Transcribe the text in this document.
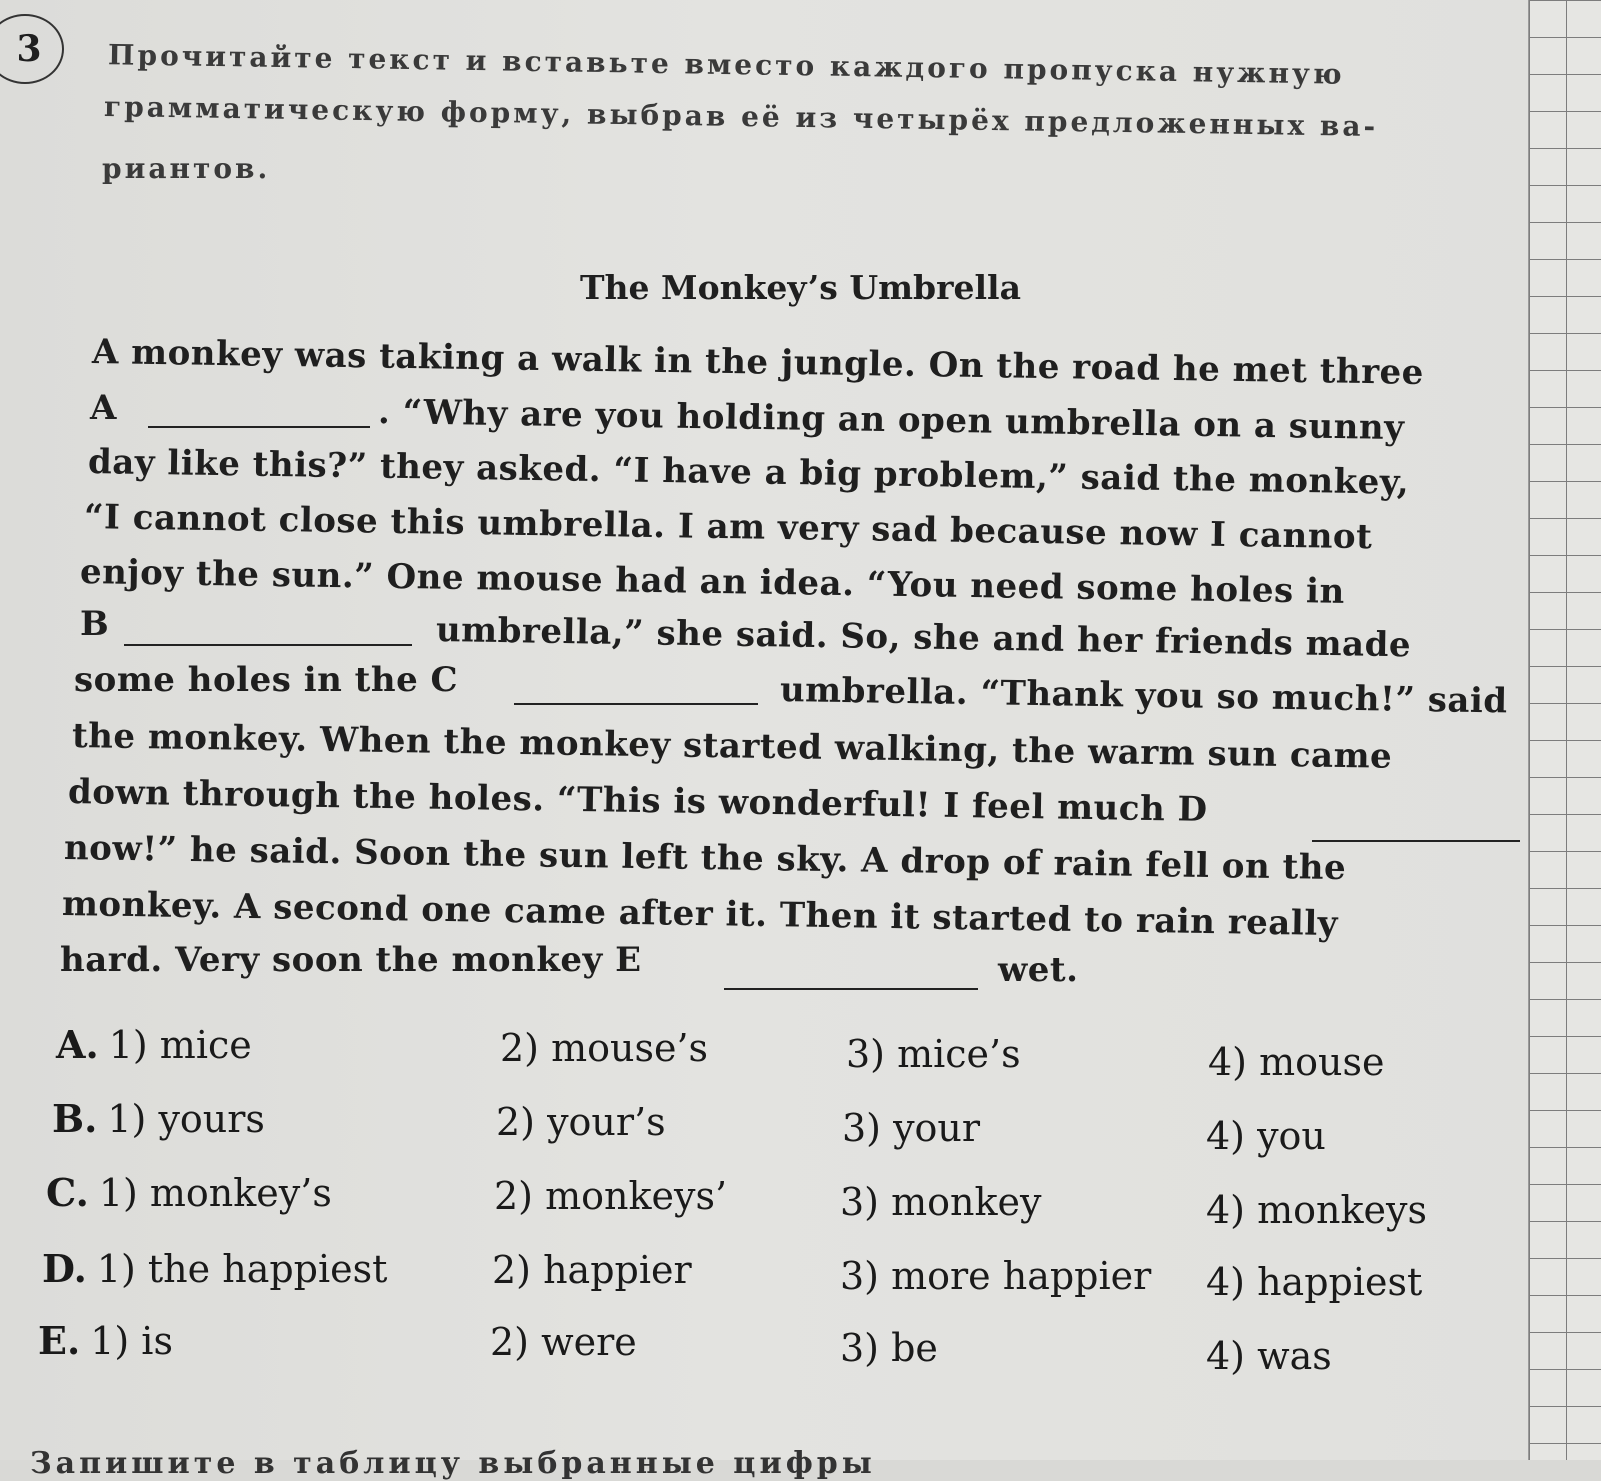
3	Прочитайте текст и вставьте вместо каждого пропуска нужную
грамматическую форму, выбрав её из четырёх предложенных ва-
риантов.
The Monkey’s Umbrella
A monkey was taking a walk in the jungle. On the road he met three
A	. “Why are you holding an open umbrella on a sunny
day like this?” they asked. “I have a big problem,” said the monkey,
“I cannot close this umbrella. I am very sad because now I cannot
enjoy the sun.” One mouse had an idea. “You need some holes in
B	umbrella,” she said. So, she and her friends made
some holes in the C	umbrella. “Thank you so much!” said
the monkey. When the monkey started walking, the warm sun came
down through the holes. “This is wonderful! I feel much D
now!” he said. Soon the sun left the sky. A drop of rain fell on the
monkey. A second one came after it. Then it started to rain really
hard. Very soon the monkey E	wet.
A. 1) mice	2) mouse’s	3) mice’s	4) mouse
B. 1) yours	2) your’s	3) your	4) you
C. 1) monkey’s	2) monkeys’	3) monkey	4) monkeys
D. 1) the happiest	2) happier	3) more happier 4) happiest
E. 1) is	2) were	3) be	4) was
Запишите в таблицу выбранные цифры
